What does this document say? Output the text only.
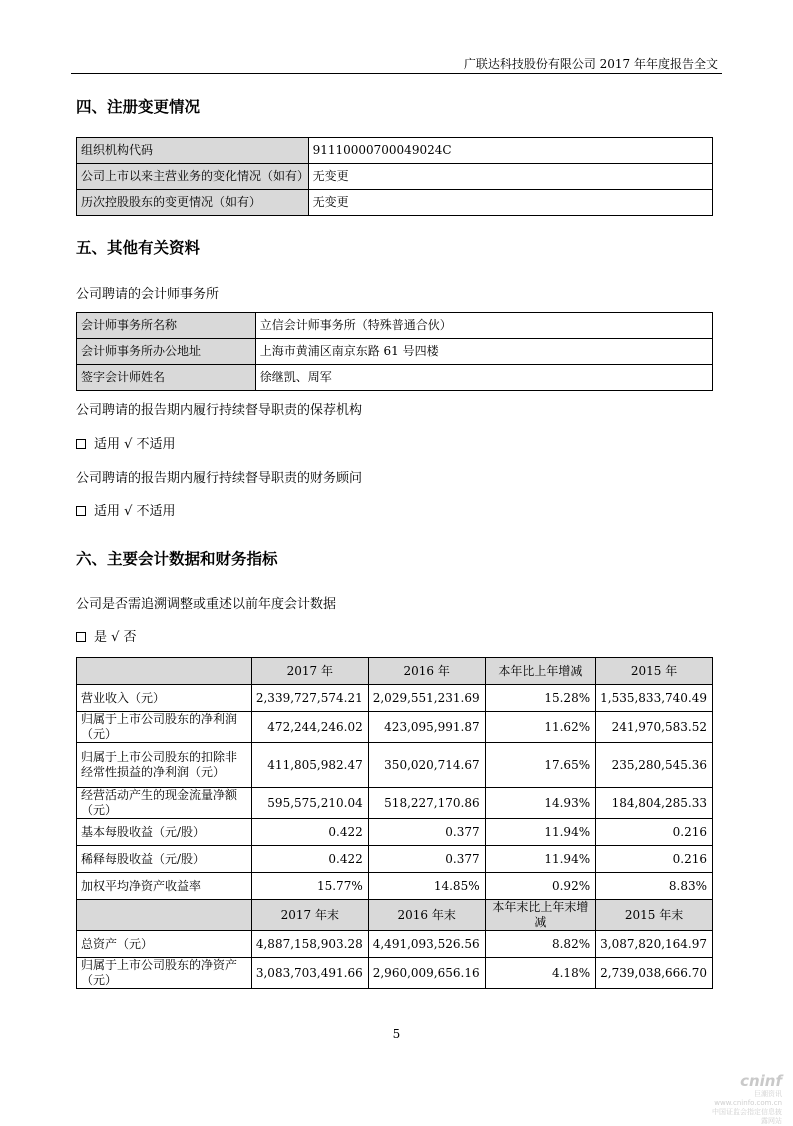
广联达科技股份有限公司 2017 年年度报告全文
四、注册变更情况
组织机构代码	91110000700049024C
公司上市以来主营业务的变化情况（如有）	无变更
历次控股股东的变更情况（如有）	无变更
五、其他有关资料
公司聘请的会计师事务所
会计师事务所名称	立信会计师事务所（特殊普通合伙）
会计师事务所办公地址	上海市黄浦区南京东路 61 号四楼
签字会计师姓名	徐继凯、周军
公司聘请的报告期内履行持续督导职责的保荐机构
适用 √ 不适用
公司聘请的报告期内履行持续督导职责的财务顾问
适用 √ 不适用
六、主要会计数据和财务指标
公司是否需追溯调整或重述以前年度会计数据
是 √ 否
	2017 年	2016 年	本年比上年增减	2015 年
营业收入（元）	2,339,727,574.21	2,029,551,231.69	15.28%	1,535,833,740.49
归属于上市公司股东的净利润（元）	472,244,246.02	423,095,991.87	11.62%	241,970,583.52
归属于上市公司股东的扣除非经常性损益的净利润（元）	411,805,982.47	350,020,714.67	17.65%	235,280,545.36
经营活动产生的现金流量净额（元）	595,575,210.04	518,227,170.86	14.93%	184,804,285.33
基本每股收益（元/股）	0.422	0.377	11.94%	0.216
稀释每股收益（元/股）	0.422	0.377	11.94%	0.216
加权平均净资产收益率	15.77%	14.85%	0.92%	8.83%
	2017 年末	2016 年末	本年末比上年末增减	2015 年末
总资产（元）	4,887,158,903.28	4,491,093,526.56	8.82%	3,087,820,164.97
归属于上市公司股东的净资产（元）	3,083,703,491.66	2,960,009,656.16	4.18%	2,739,038,666.70
5
cninf
巨潮资讯
www.cninfo.com.cn
中国证监会指定信息披露网站
